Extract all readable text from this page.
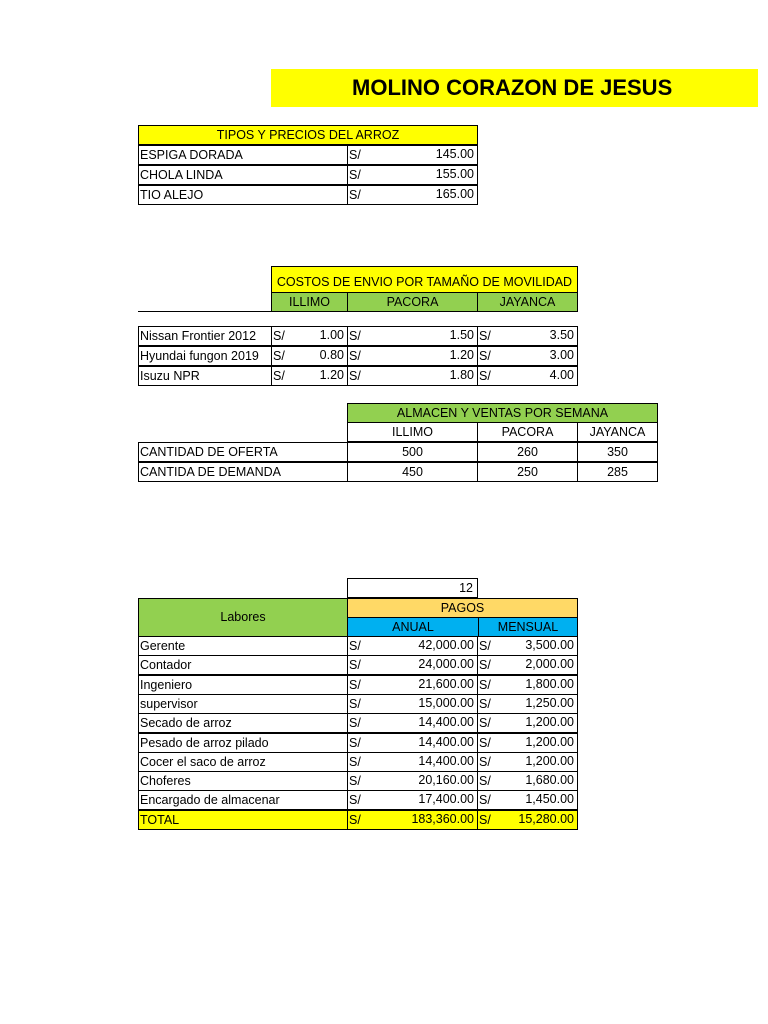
MOLINO CORAZON DE JESUS
TIPOS Y PRECIOS DEL ARROZ
ESPIGA DORADA	S/	145.00
CHOLA LINDA	S/	155.00
TIO ALEJO	S/	165.00
COSTOS DE ENVIO POR TAMAÑO DE MOVILIDAD
ILLIMO	PACORA	JAYANCA
Nissan Frontier 2012	S/	1.00 S/	1.50 S/	3.50
Hyundai fungon 2019	S/	0.80 S/	1.20 S/	3.00
Isuzu NPR	S/	1.20 S/	1.80 S/	4.00
ALMACEN Y VENTAS POR SEMANA
ILLIMO	PACORA	JAYANCA
CANTIDAD DE OFERTA	500	260	350
CANTIDA DE DEMANDA	450	250	285
12
Labores
PAGOS
ANUAL	MENSUAL
Gerente	S/	42,000.00 S/	3,500.00
Contador	S/	24,000.00 S/	2,000.00
Ingeniero	S/	21,600.00 S/	1,800.00
supervisor	S/	15,000.00 S/	1,250.00
Secado de arroz	S/	14,400.00 S/	1,200.00
Pesado de arroz pilado	S/	14,400.00 S/	1,200.00
Cocer el saco de arroz	S/	14,400.00 S/	1,200.00
Choferes	S/	20,160.00 S/	1,680.00
Encargado de almacenar	S/	17,400.00 S/	1,450.00
TOTAL	S/	183,360.00 S/	15,280.00
